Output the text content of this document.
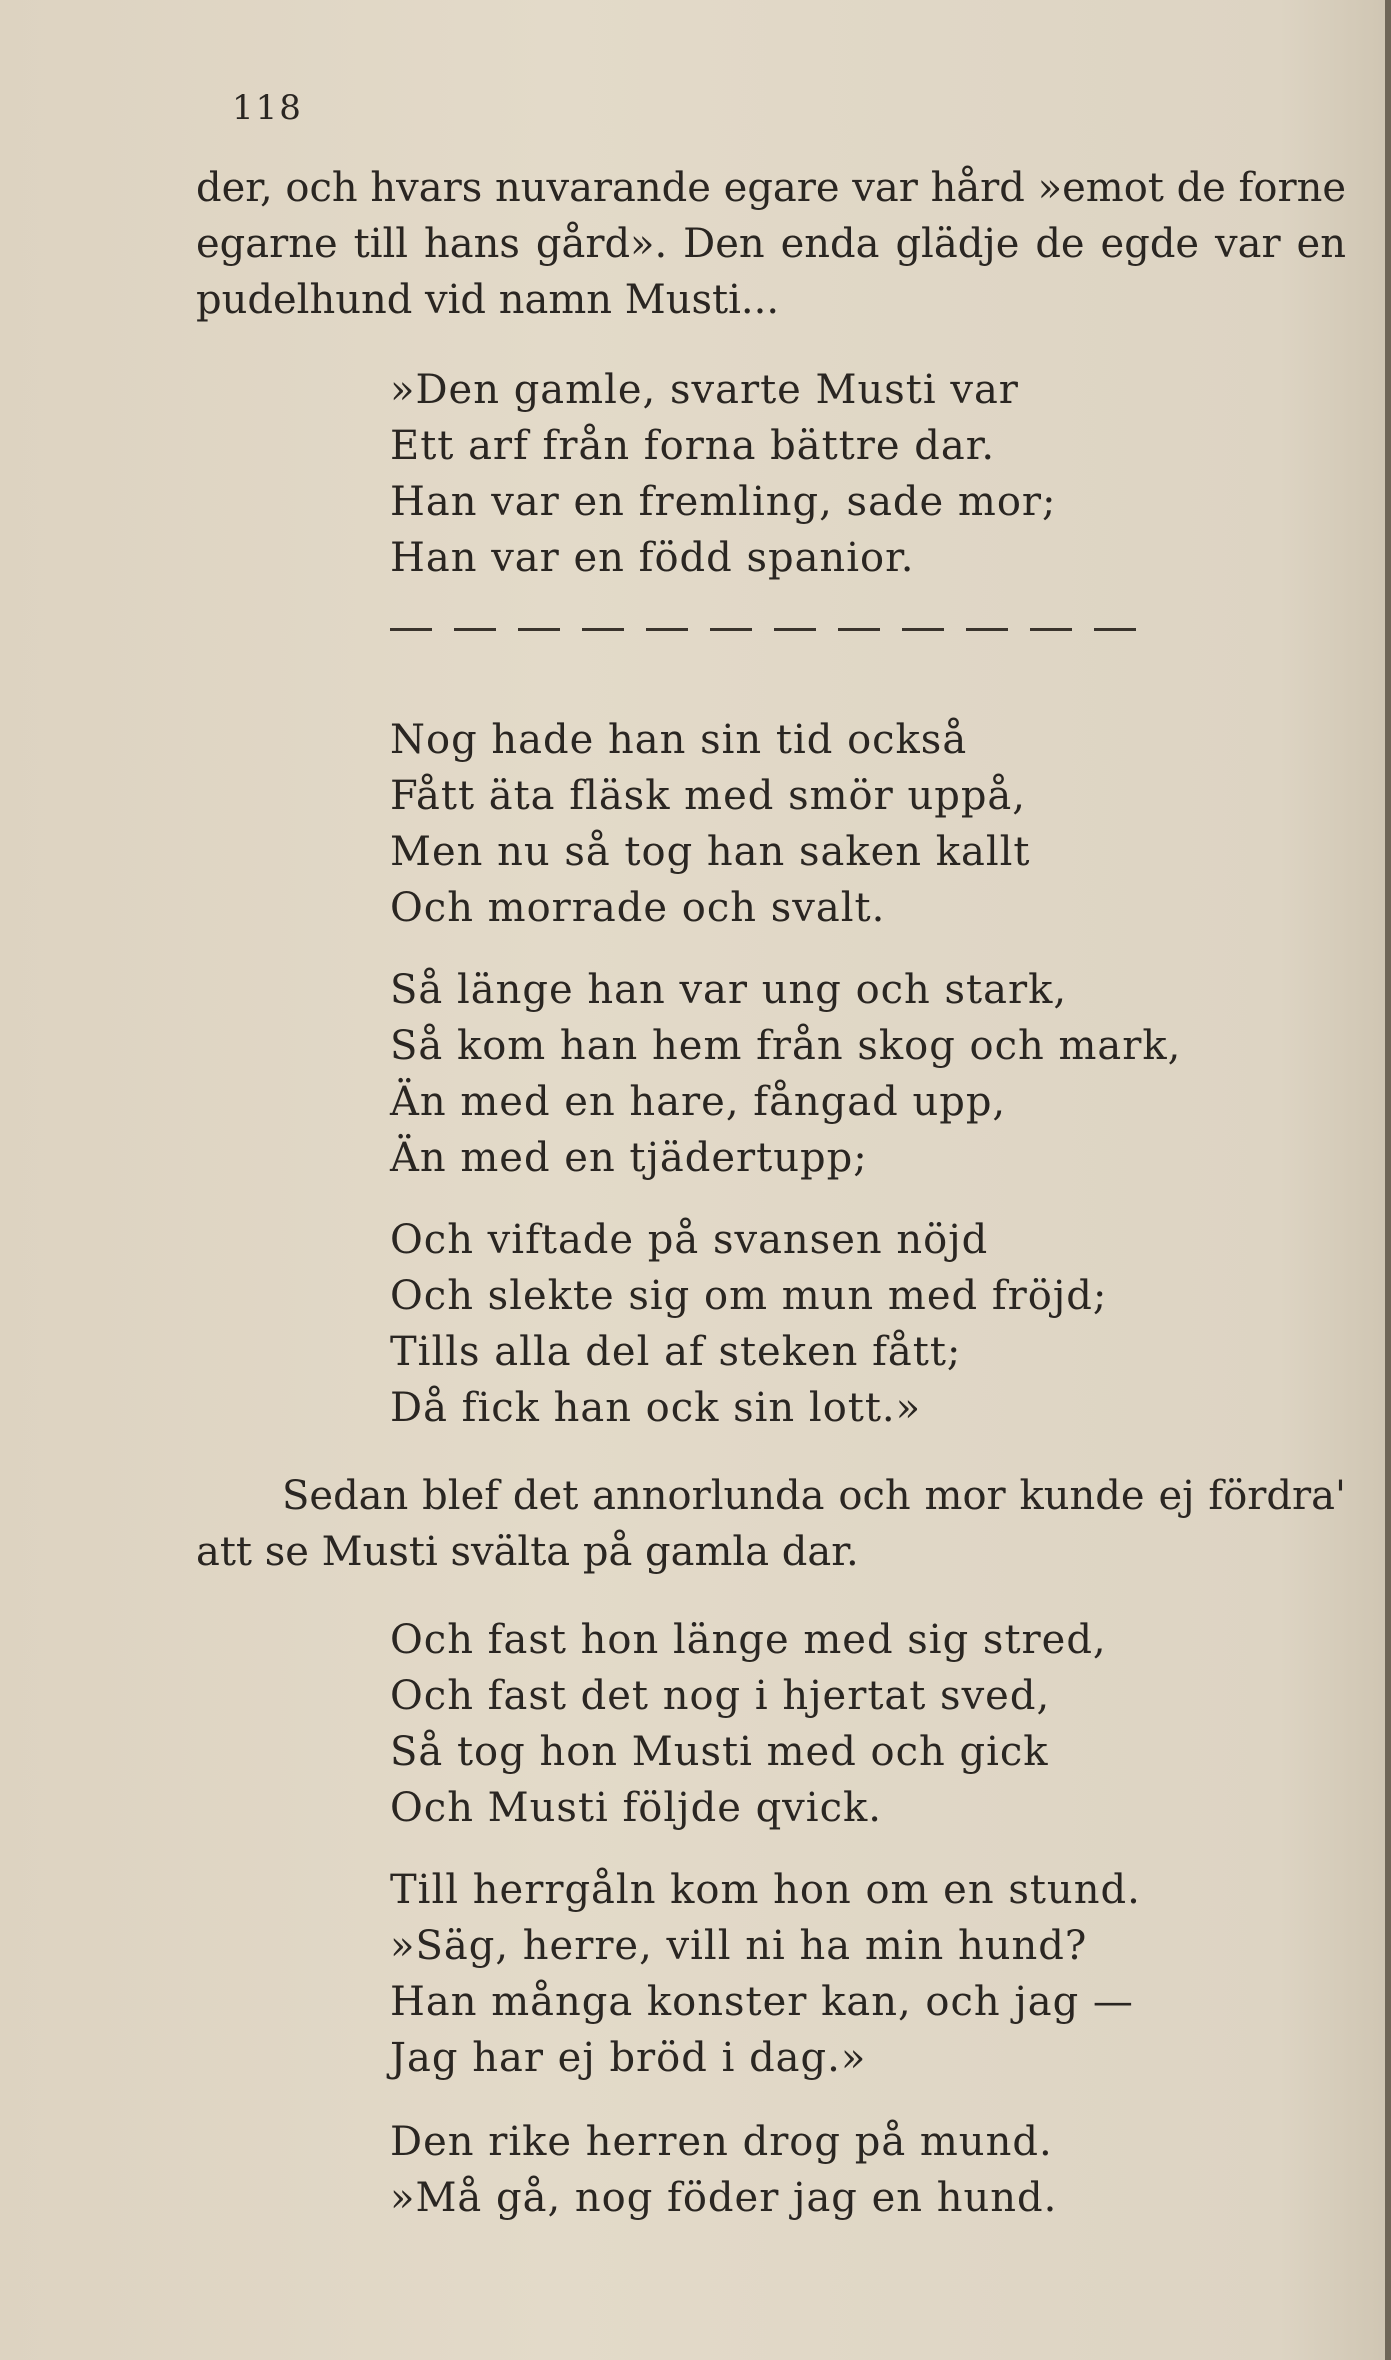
118

der, och hvars nuvarande egare var hård »emot de forne egarne till hans gård». Den enda glädje de egde var en pudelhund vid namn Musti...

»Den gamle, svarte Musti var
Ett arf från forna bättre dar.
Han var en fremling, sade mor;
Han var en född spanior.
Nog hade han sin tid också
Fått äta fläsk med smör uppå,
Men nu så tog han saken kallt
Och morrade och svalt.
Så länge han var ung och stark,
Så kom han hem från skog och mark,
Än med en hare, fångad upp,
Än med en tjädertupp;
Och viftade på svansen nöjd
Och slekte sig om mun med fröjd;
Tills alla del af steken fått;
Då fick han ock sin lott.»

Sedan blef det annorlunda och mor kunde ej fördra' att se Musti svälta på gamla dar.

Och fast hon länge med sig stred,
Och fast det nog i hjertat sved,
Så tog hon Musti med och gick
Och Musti följde qvick.
Till herrgåln kom hon om en stund.
»Säg, herre, vill ni ha min hund?
Han många konster kan, och jag —
Jag har ej bröd i dag.»
Den rike herren drog på mund.
»Må gå, nog föder jag en hund.
